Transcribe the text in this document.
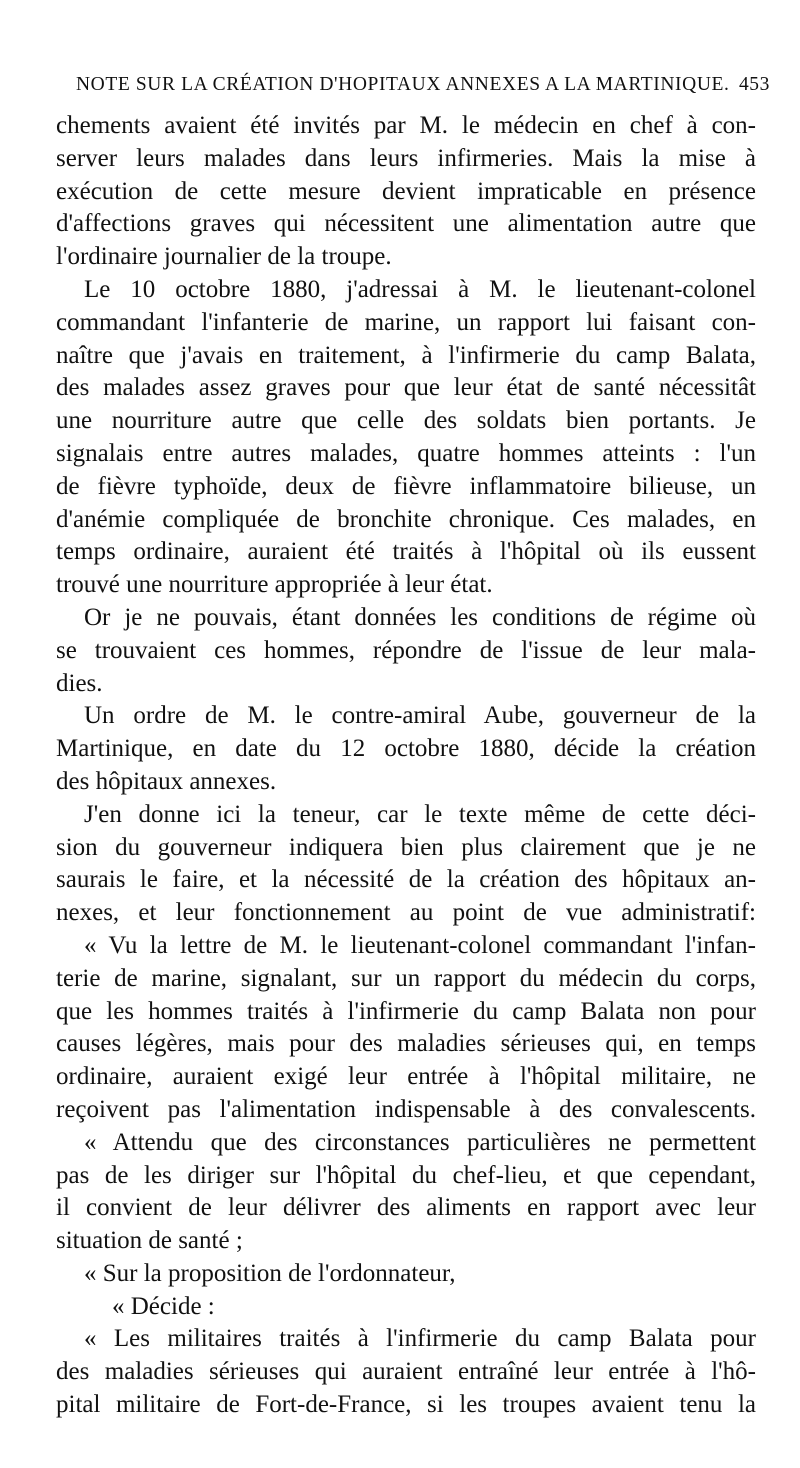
NOTE SUR LA CRÉATION D'HOPITAUX ANNEXES A LA MARTINIQUE. 453
chements avaient été invités par M. le médecin en chef à con-
server leurs malades dans leurs infirmeries. Mais la mise à
exécution de cette mesure devient impraticable en présence
d'affections graves qui nécessitent une alimentation autre que
l'ordinaire journalier de la troupe.
Le 10 octobre 1880, j'adressai à M. le lieutenant-colonel
commandant l'infanterie de marine, un rapport lui faisant con-
naître que j'avais en traitement, à l'infirmerie du camp Balata,
des malades assez graves pour que leur état de santé nécessitât
une nourriture autre que celle des soldats bien portants. Je
signalais entre autres malades, quatre hommes atteints : l'un
de fièvre typhoïde, deux de fièvre inflammatoire bilieuse, un
d'anémie compliquée de bronchite chronique. Ces malades, en
temps ordinaire, auraient été traités à l'hôpital où ils eussent
trouvé une nourriture appropriée à leur état.
Or je ne pouvais, étant données les conditions de régime où
se trouvaient ces hommes, répondre de l'issue de leur mala-
dies.
Un ordre de M. le contre-amiral Aube, gouverneur de la
Martinique, en date du 12 octobre 1880, décide la création
des hôpitaux annexes.
J'en donne ici la teneur, car le texte même de cette déci-
sion du gouverneur indiquera bien plus clairement que je ne
saurais le faire, et la nécessité de la création des hôpitaux an-
nexes, et leur fonctionnement au point de vue administratif:
« Vu la lettre de M. le lieutenant-colonel commandant l'infan-
terie de marine, signalant, sur un rapport du médecin du corps,
que les hommes traités à l'infirmerie du camp Balata non pour
causes légères, mais pour des maladies sérieuses qui, en temps
ordinaire, auraient exigé leur entrée à l'hôpital militaire, ne
reçoivent pas l'alimentation indispensable à des convalescents.
« Attendu que des circonstances particulières ne permettent
pas de les diriger sur l'hôpital du chef-lieu, et que cependant,
il convient de leur délivrer des aliments en rapport avec leur
situation de santé ;
« Sur la proposition de l'ordonnateur,
« Décide :
« Les militaires traités à l'infirmerie du camp Balata pour
des maladies sérieuses qui auraient entraîné leur entrée à l'hô-
pital militaire de Fort-de-France, si les troupes avaient tenu la
